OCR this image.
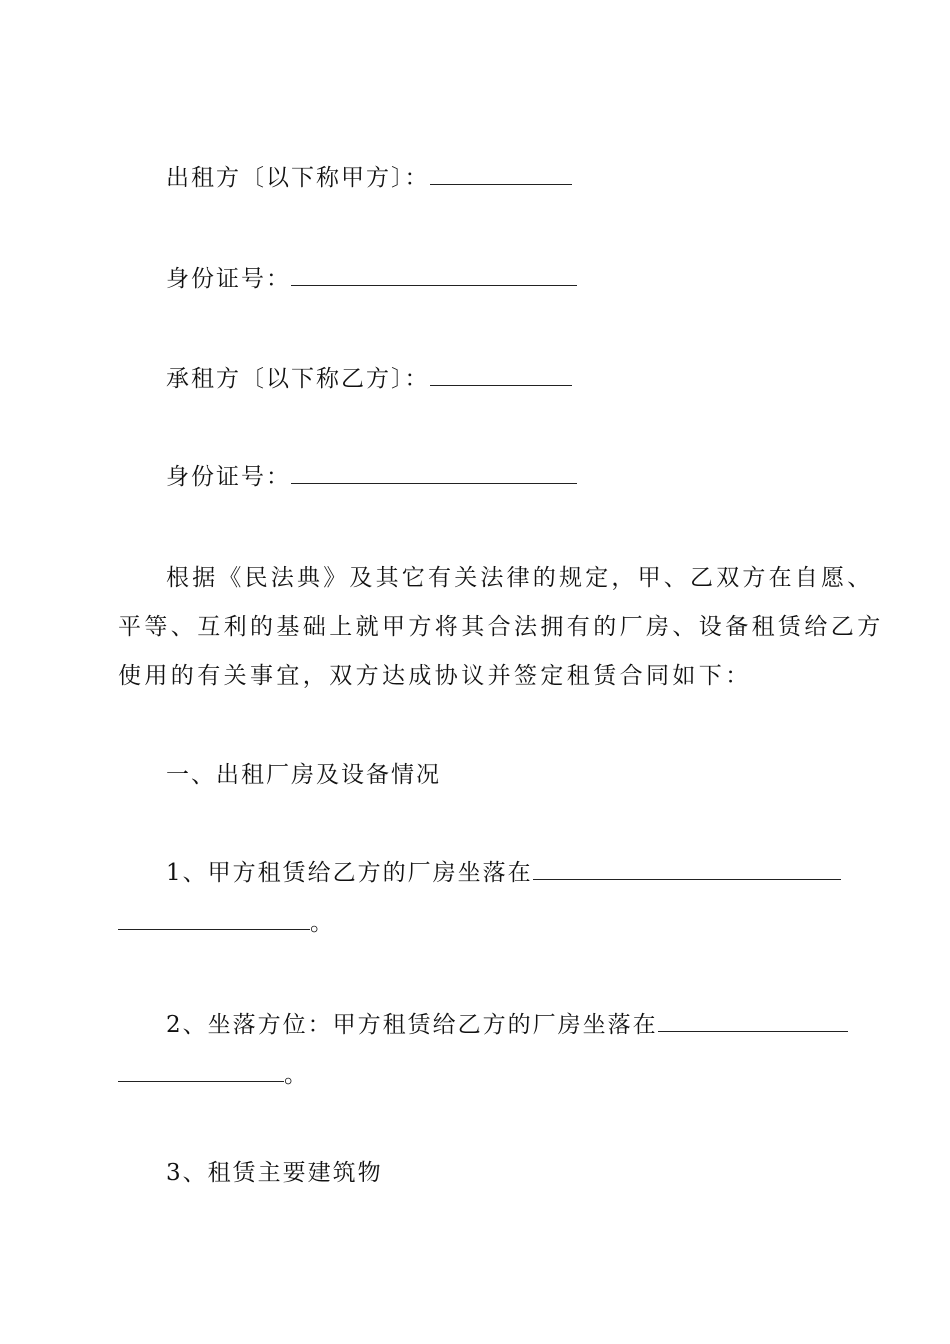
出租方〔以下称甲方〕：
身份证号：
承租方〔以下称乙方〕：
身份证号：
根据《民法典》及其它有关法律的规定，甲、乙双方在自愿、
平等、互利的基础上就甲方将其合法拥有的厂房、设备租赁给乙方
使用的有关事宜，双方达成协议并签定租赁合同如下：
一、出租厂房及设备情况
1、甲方租赁给乙方的厂房坐落在
。
2、坐落方位：甲方租赁给乙方的厂房坐落在
。
3、租赁主要建筑物
